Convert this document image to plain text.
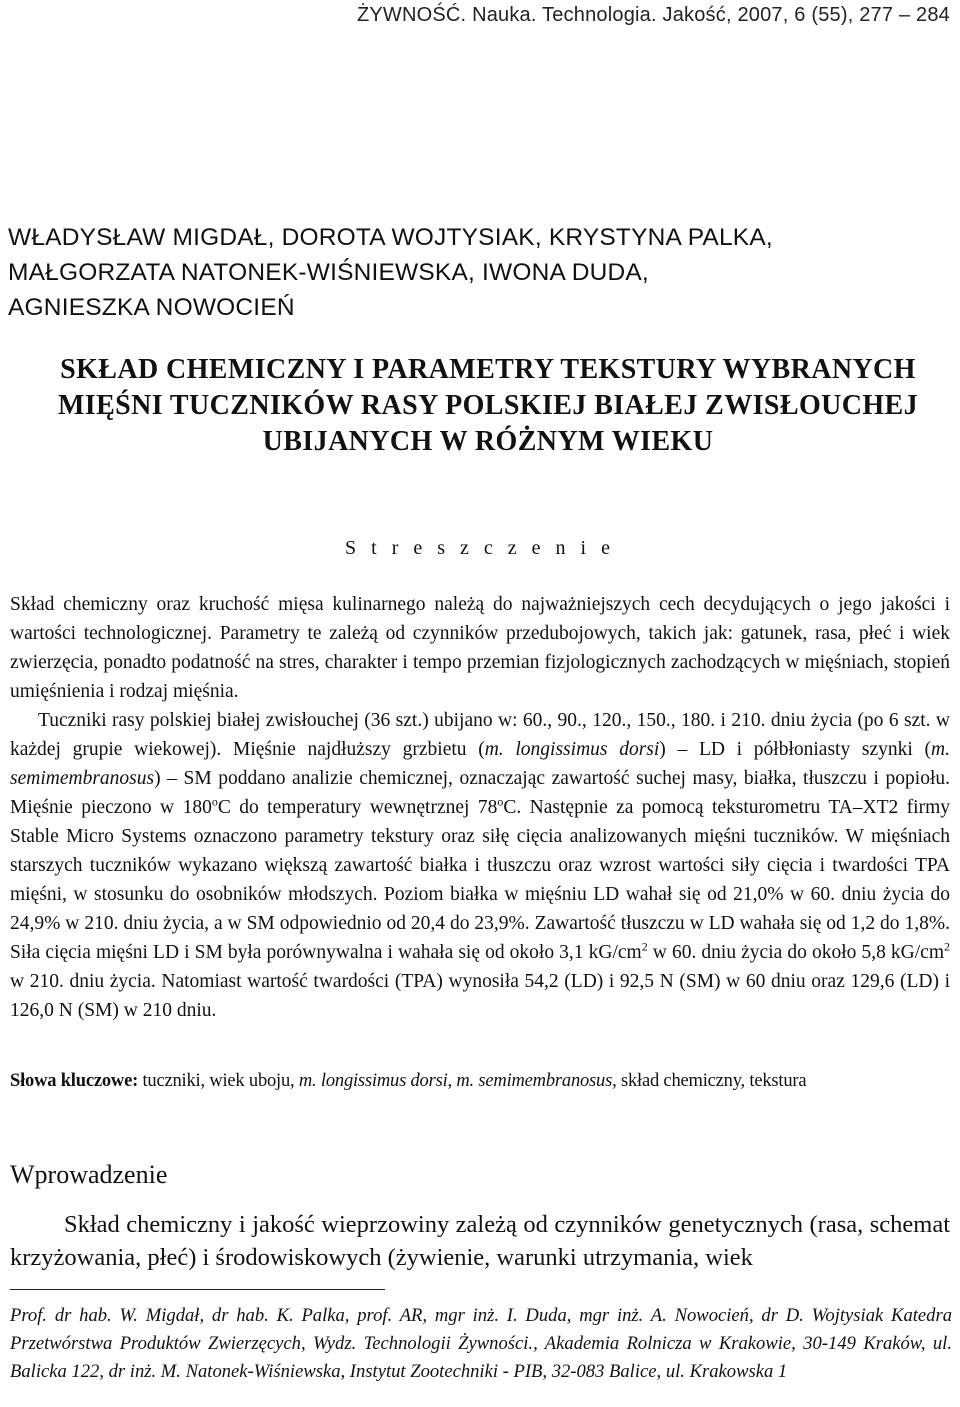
ŻYWNOŚĆ. Nauka. Technologia. Jakość, 2007, 6 (55), 277 – 284
WŁADYSŁAW MIGDAŁ, DOROTA WOJTYSIAK, KRYSTYNA PALKA,
MAŁGORZATA NATONEK-WIŚNIEWSKA, IWONA DUDA,
AGNIESZKA NOWOCIEŃ
SKŁAD CHEMICZNY I PARAMETRY TEKSTURY WYBRANYCH
MIĘŚNI TUCZNIKÓW RASY POLSKIEJ BIAŁEJ ZWISŁOUCHEJ
UBIJANYCH W RÓŻNYM WIEKU
S t r e s z c z e n i e

Skład chemiczny oraz kruchość mięsa kulinarnego należą do najważniejszych cech decydujących o jego jakości i wartości technologicznej. Parametry te zależą od czynników przedubojowych, takich jak: gatunek, rasa, płeć i wiek zwierzęcia, ponadto podatność na stres, charakter i tempo przemian fizjologicznych zachodzących w mięśniach, stopień umięśnienia i rodzaj mięśnia.

Tuczniki rasy polskiej białej zwisłouchej (36 szt.) ubijano w: 60., 90., 120., 150., 180. i 210. dniu życia (po 6 szt. w każdej grupie wiekowej). Mięśnie najdłuższy grzbietu (m. longissimus dorsi) – LD i półbłoniasty szynki (m. semimembranosus) – SM poddano analizie chemicznej, oznaczając zawartość suchej masy, białka, tłuszczu i popiołu. Mięśnie pieczono w 180$^o$C do temperatury wewnętrznej 78$^o$C. Następnie za pomocą teksturometru TA–XT2 firmy Stable Micro Systems oznaczono parametry tekstury oraz siłę cięcia analizowanych mięśni tuczników. W mięśniach starszych tuczników wykazano większą zawartość białka i tłuszczu oraz wzrost wartości siły cięcia i twardości TPA mięśni, w stosunku do osobników młodszych. Poziom białka w mięśniu LD wahał się od 21,0% w 60. dniu życia do 24,9% w 210. dniu życia, a w SM odpowiednio od 20,4 do 23,9%. Zawartość tłuszczu w LD wahała się od 1,2 do 1,8%. Siła cięcia mięśni LD i SM była porównywalna i wahała się od około 3,1 $kG/cm^2$ w 60. dniu życia do około 5,8 $kG/cm^2$ w 210. dniu życia. Natomiast wartość twardości (TPA) wynosiła 54,2 (LD) i 92,5 N (SM) w 60 dniu oraz 129,6 (LD) i 126,0 N (SM) w 210 dniu.

Słowa kluczowe: tuczniki, wiek uboju, m. longissimus dorsi, m. semimembranosus, skład chemiczny, tekstura
Wprowadzenie

Skład chemiczny i jakość wieprzowiny zależą od czynników genetycznych (rasa, schemat krzyżowania, płeć) i środowiskowych (żywienie, warunki utrzymania, wiek

Prof. dr hab. W. Migdał, dr hab. K. Palka, prof. AR, mgr inż. I. Duda, mgr inż. A. Nowocień, dr D. Wojtysiak Katedra Przetwórstwa Produktów Zwierzęcych, Wydz. Technologii Żywności., Akademia Rolnicza w Krakowie, 30-149 Kraków, ul. Balicka 122, dr inż. M. Natonek-Wiśniewska, Instytut Zootechniki - PIB, 32-083 Balice, ul. Krakowska 1
